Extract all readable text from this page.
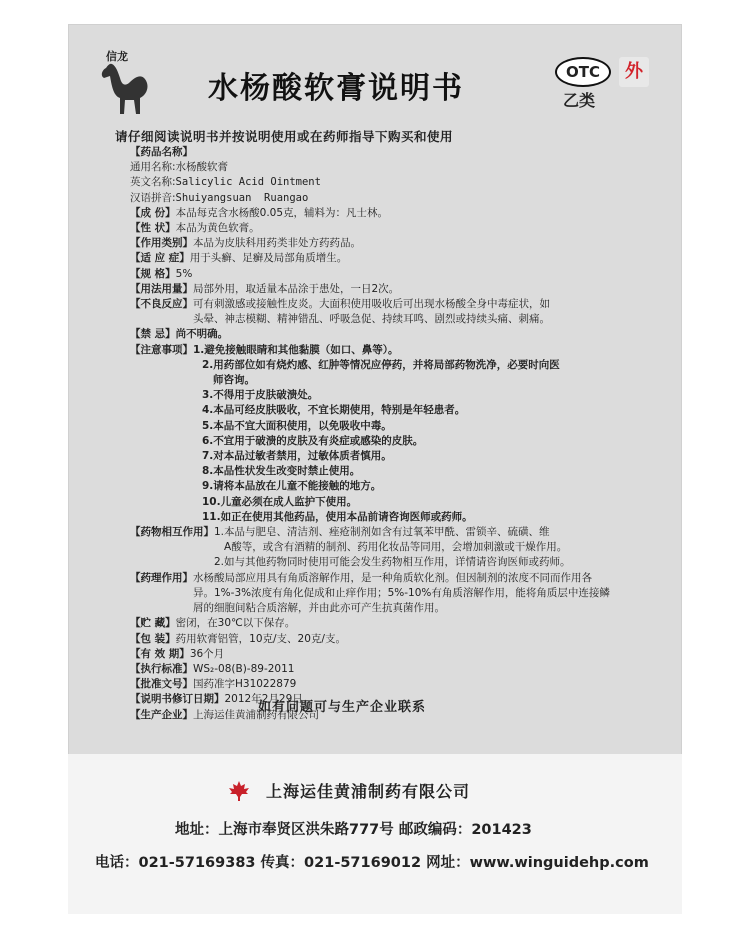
信龙
水杨酸软膏说明书	OTC	外
乙类
请仔细阅读说明书并按说明使用或在药师指导下购买和使用
【药品名称】
通用名称: 水杨酸软膏
英文名称: Salicylic Acid Ointment
汉语拼音: Shuiyangsuan  Ruangao
【成 份】 本品每克含水杨酸0.05克，辅料为：凡士林。
【性 状】 本品为黄色软膏。
【作用类别】 本品为皮肤科用药类非处方药药品。
【适 应 症】 用于头癣、足癣及局部角质增生。
【规 格】 5%
【用法用量】 局部外用，取适量本品涂于患处，一日2次。
【不良反应】 可有刺激感或接触性皮炎。大面积使用吸收后可出现水杨酸全身中毒症状，如
头晕、神志模糊、精神错乱、呼吸急促、持续耳鸣、剧烈或持续头痛、刺痛。
【禁 忌】 尚不明确。
【注意事项】 1.避免接触眼睛和其他黏膜（如口、鼻等）。
2.用药部位如有烧灼感、红肿等情况应停药，并将局部药物洗净，必要时向医
师咨询。
3.不得用于皮肤破溃处。
4.本品可经皮肤吸收，不宜长期使用，特别是年轻患者。
5.本品不宜大面积使用，以免吸收中毒。
6.不宜用于破溃的皮肤及有炎症或感染的皮肤。
7.对本品过敏者禁用，过敏体质者慎用。
8.本品性状发生改变时禁止使用。
9.请将本品放在儿童不能接触的地方。
10.儿童必须在成人监护下使用。
11.如正在使用其他药品，使用本品前请咨询医师或药师。
【药物相互作用】 1.本品与肥皂、清洁剂、痤疮制剂如含有过氧苯甲酰、雷锁辛、硫磺、维
A酸等，或含有酒精的制剂、药用化妆品等同用，会增加刺激或干燥作用。
2.如与其他药物同时使用可能会发生药物相互作用，详情请咨询医师或药师。
【药理作用】 水杨酸局部应用具有角质溶解作用，是一种角质软化剂。但因制剂的浓度不同而作用各
异。1%-3%浓度有角化促成和止痒作用；5%-10%有角质溶解作用，能将角质层中连接鳞
屑的细胞间粘合质溶解，并由此亦可产生抗真菌作用。
【贮 藏】 密闭，在30℃以下保存。
【包 装】 药用软膏铝管，10克/支、20克/支。
【有 效 期】 36个月
【执行标准】 WS₂-08(B)-89-2011
【批准文号】 国药准字H31022879
【说明书修订日期】 2012年2月29日
【生产企业】 上海运佳黄浦制药有限公司
如有问题可与生产企业联系
上海运佳黄浦制药有限公司
地址：上海市奉贤区洪朱路777号 邮政编码：201423
电话：021-57169383 传真：021-57169012 网址：www.winguidehp.com
